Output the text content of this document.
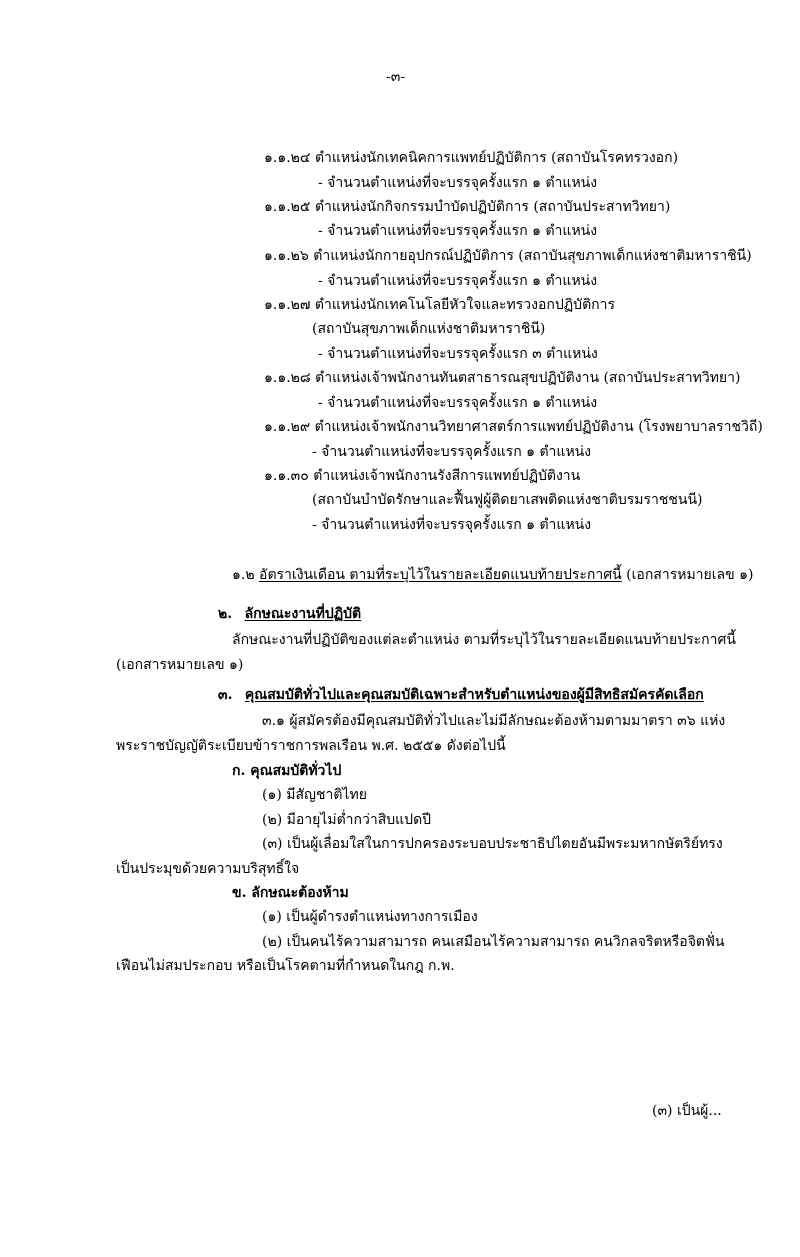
-๓-
๑.๑.๒๔ ตำแหน่งนักเทคนิคการแพทย์ปฏิบัติการ (สถาบันโรคทรวงอก)
- จำนวนตำแหน่งที่จะบรรจุครั้งแรก ๑ ตำแหน่ง
๑.๑.๒๕ ตำแหน่งนักกิจกรรมบำบัดปฏิบัติการ (สถาบันประสาทวิทยา)
- จำนวนตำแหน่งที่จะบรรจุครั้งแรก ๑ ตำแหน่ง
๑.๑.๒๖ ตำแหน่งนักกายอุปกรณ์ปฏิบัติการ (สถาบันสุขภาพเด็กแห่งชาติมหาราชินี)
- จำนวนตำแหน่งที่จะบรรจุครั้งแรก ๑ ตำแหน่ง
๑.๑.๒๗ ตำแหน่งนักเทคโนโลยีหัวใจและทรวงอกปฏิบัติการ
(สถาบันสุขภาพเด็กแห่งชาติมหาราชินี)
- จำนวนตำแหน่งที่จะบรรจุครั้งแรก ๓ ตำแหน่ง
๑.๑.๒๘ ตำแหน่งเจ้าพนักงานทันตสาธารณสุขปฏิบัติงาน (สถาบันประสาทวิทยา)
- จำนวนตำแหน่งที่จะบรรจุครั้งแรก ๑ ตำแหน่ง
๑.๑.๒๙ ตำแหน่งเจ้าพนักงานวิทยาศาสตร์การแพทย์ปฏิบัติงาน (โรงพยาบาลราชวิถี)
- จำนวนตำแหน่งที่จะบรรจุครั้งแรก ๑ ตำแหน่ง
๑.๑.๓๐ ตำแหน่งเจ้าพนักงานรังสีการแพทย์ปฏิบัติงาน
(สถาบันบำบัดรักษาและฟื้นฟูผู้ติดยาเสพติดแห่งชาติบรมราชชนนี)
- จำนวนตำแหน่งที่จะบรรจุครั้งแรก ๑ ตำแหน่ง
๑.๒ อัตราเงินเดือน ตามที่ระบุไว้ในรายละเอียดแนบท้ายประกาศนี้ (เอกสารหมายเลข ๑)
๒. ลักษณะงานที่ปฏิบัติ
ลักษณะงานที่ปฏิบัติของแต่ละตำแหน่ง ตามที่ระบุไว้ในรายละเอียดแนบท้ายประกาศนี้
(เอกสารหมายเลข ๑)
๓. คุณสมบัติทั่วไปและคุณสมบัติเฉพาะสำหรับตำแหน่งของผู้มีสิทธิสมัครคัดเลือก
๓.๑ ผู้สมัครต้องมีคุณสมบัติทั่วไปและไม่มีลักษณะต้องห้ามตามมาตรา ๓๖ แห่ง
พระราชบัญญัติระเบียบข้าราชการพลเรือน พ.ศ. ๒๕๕๑ ดังต่อไปนี้
ก. คุณสมบัติทั่วไป
(๑) มีสัญชาติไทย
(๒) มีอายุไม่ต่ำกว่าสิบแปดปี
(๓) เป็นผู้เลื่อมใสในการปกครองระบอบประชาธิปไตยอันมีพระมหากษัตริย์ทรง
เป็นประมุขด้วยความบริสุทธิ์ใจ
ข. ลักษณะต้องห้าม
(๑) เป็นผู้ดำรงตำแหน่งทางการเมือง
(๒) เป็นคนไร้ความสามารถ คนเสมือนไร้ความสามารถ คนวิกลจริตหรือจิตฟั่น
เฟือนไม่สมประกอบ หรือเป็นโรคตามที่กำหนดในกฎ ก.พ.
(๓) เป็นผู้...
